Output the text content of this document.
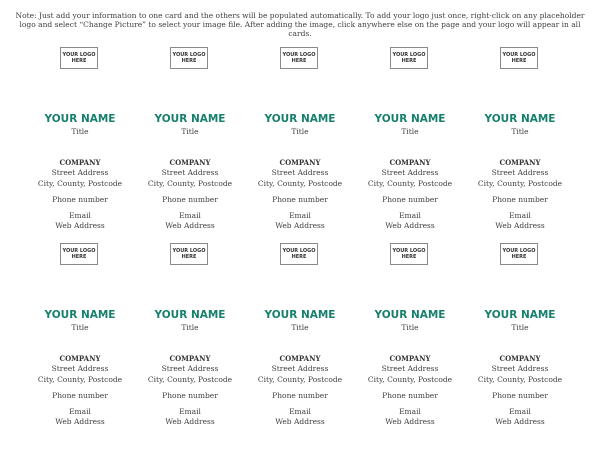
Note: Just add your information to one card and the others will be populated automatically. To add your logo just once, right-click on any placeholder logo and select “Change Picture” to select your image file. After adding the image, click anywhere else on the page and your logo will appear in all cards.
YOUR LOGO HERE
YOUR NAME
Title
COMPANY
Street Address
City, County, Postcode
Phone number
Email
Web Address
YOUR LOGO HERE
YOUR NAME
Title
COMPANY
Street Address
City, County, Postcode
Phone number
Email
Web Address
YOUR LOGO HERE
YOUR NAME
Title
COMPANY
Street Address
City, County, Postcode
Phone number
Email
Web Address
YOUR LOGO HERE
YOUR NAME
Title
COMPANY
Street Address
City, County, Postcode
Phone number
Email
Web Address
YOUR LOGO HERE
YOUR NAME
Title
COMPANY
Street Address
City, County, Postcode
Phone number
Email
Web Address
YOUR LOGO HERE
YOUR NAME
Title
COMPANY
Street Address
City, County, Postcode
Phone number
Email
Web Address
YOUR LOGO HERE
YOUR NAME
Title
COMPANY
Street Address
City, County, Postcode
Phone number
Email
Web Address
YOUR LOGO HERE
YOUR NAME
Title
COMPANY
Street Address
City, County, Postcode
Phone number
Email
Web Address
YOUR LOGO HERE
YOUR NAME
Title
COMPANY
Street Address
City, County, Postcode
Phone number
Email
Web Address
YOUR LOGO HERE
YOUR NAME
Title
COMPANY
Street Address
City, County, Postcode
Phone number
Email
Web Address
